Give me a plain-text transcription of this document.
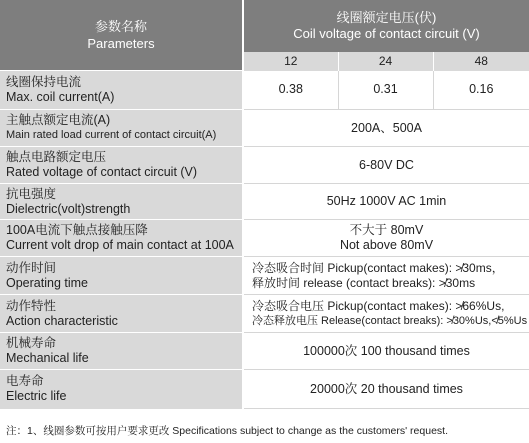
参数名称
Parameters	线圈额定电压(伏)
Coil voltage of contact circuit (V)		

	12	24	48

线圈保持电流
Max. coil current(A)	0.38	0.31	0.16

主触点额定电流(A)
Main rated load current of contact circuit(A)	200A、500A		

触点电路额定电压
Rated voltage of contact circuit (V)	6-80V DC		

抗电强度
Dielectric(volt)strength	50Hz 1000V AC 1min		

100A电流下触点接触压降
Current volt drop of main contact at 100A	不大于 80mV
Not above 80mV		

动作时间
Operating time	冷态吸合时间 Pickup(contact makes): ≯30ms，
释放时间 release (contact breaks): ≯30ms		

动作特性
Action characteristic	冷态吸合电压 Pickup(contact makes): ≯66%Us,
冷态释放电压 Release(contact breaks): ≯30%Us,≮5%Us		

机械寿命
Mechanical life	100000次 100 thousand times		

电寿命
Electric life	20000次 20 thousand times		
注：1、线圈参数可按用户要求更改 Specifications subject to change as the customers' request.
